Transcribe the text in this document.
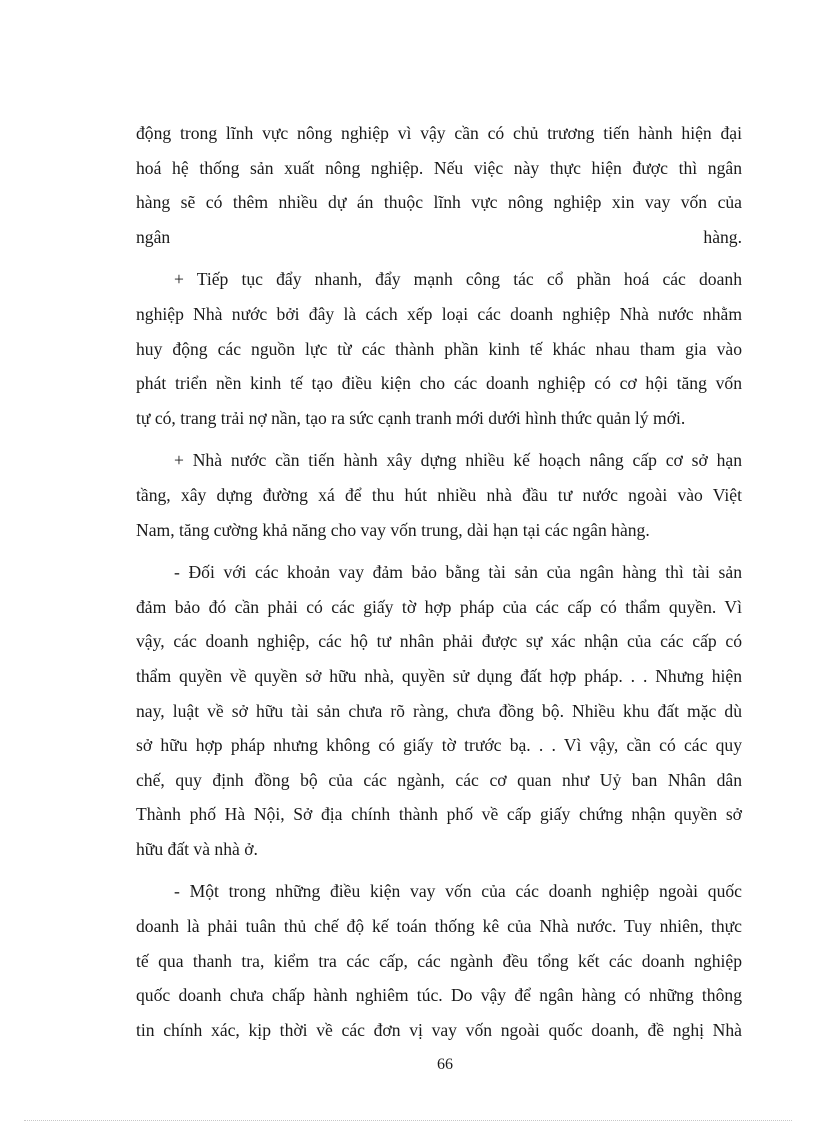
động trong lĩnh vực nông nghiệp vì vậy cần có chủ trương tiến hành hiện đại
hoá hệ thống sản xuất nông nghiệp. Nếu việc này thực hiện được thì ngân
hàng sẽ có thêm nhiều dự án thuộc lĩnh vực nông nghiệp xin vay vốn của
ngân hàng.
+ Tiếp tục đẩy nhanh, đẩy mạnh công tác cổ phần hoá các doanh
nghiệp Nhà nước bởi đây là cách xếp loại các doanh nghiệp Nhà nước nhằm
huy động các nguồn lực từ các thành phần kinh tế khác nhau tham gia vào
phát triển nền kinh tế tạo điều kiện cho các doanh nghiệp có cơ hội tăng vốn
tự có, trang trải nợ nần, tạo ra sức cạnh tranh mới dưới hình thức quản lý mới.
+ Nhà nước cần tiến hành xây dựng nhiều kế hoạch nâng cấp cơ sở hạn
tầng, xây dựng đường xá để thu hút nhiều nhà đầu tư nước ngoài vào Việt
Nam, tăng cường khả năng cho vay vốn trung, dài hạn tại các ngân hàng.
- Đối với các khoản vay đảm bảo bằng tài sản của ngân hàng thì tài sản
đảm bảo đó cần phải có các giấy tờ hợp pháp của các cấp có thẩm quyền. Vì
vậy, các doanh nghiệp, các hộ tư nhân phải được sự xác nhận của các cấp có
thẩm quyền về quyền sở hữu nhà, quyền sử dụng đất hợp pháp. . . Nhưng hiện
nay, luật về sở hữu tài sản chưa rõ ràng, chưa đồng bộ. Nhiều khu đất mặc dù
sở hữu hợp pháp nhưng không có giấy tờ trước bạ. . . Vì vậy, cần có các quy
chế, quy định đồng bộ của các ngành, các cơ quan như Uỷ ban Nhân dân
Thành phố Hà Nội, Sở địa chính thành phố về cấp giấy chứng nhận quyền sở
hữu đất và nhà ở.
- Một trong những điều kiện vay vốn của các doanh nghiệp ngoài quốc
doanh là phải tuân thủ chế độ kế toán thống kê của Nhà nước. Tuy nhiên, thực
tế qua thanh tra, kiểm tra các cấp, các ngành đều tổng kết các doanh nghiệp
quốc doanh chưa chấp hành nghiêm túc. Do vậy để ngân hàng có những thông
tin chính xác, kịp thời về các đơn vị vay vốn ngoài quốc doanh, đề nghị Nhà
66
